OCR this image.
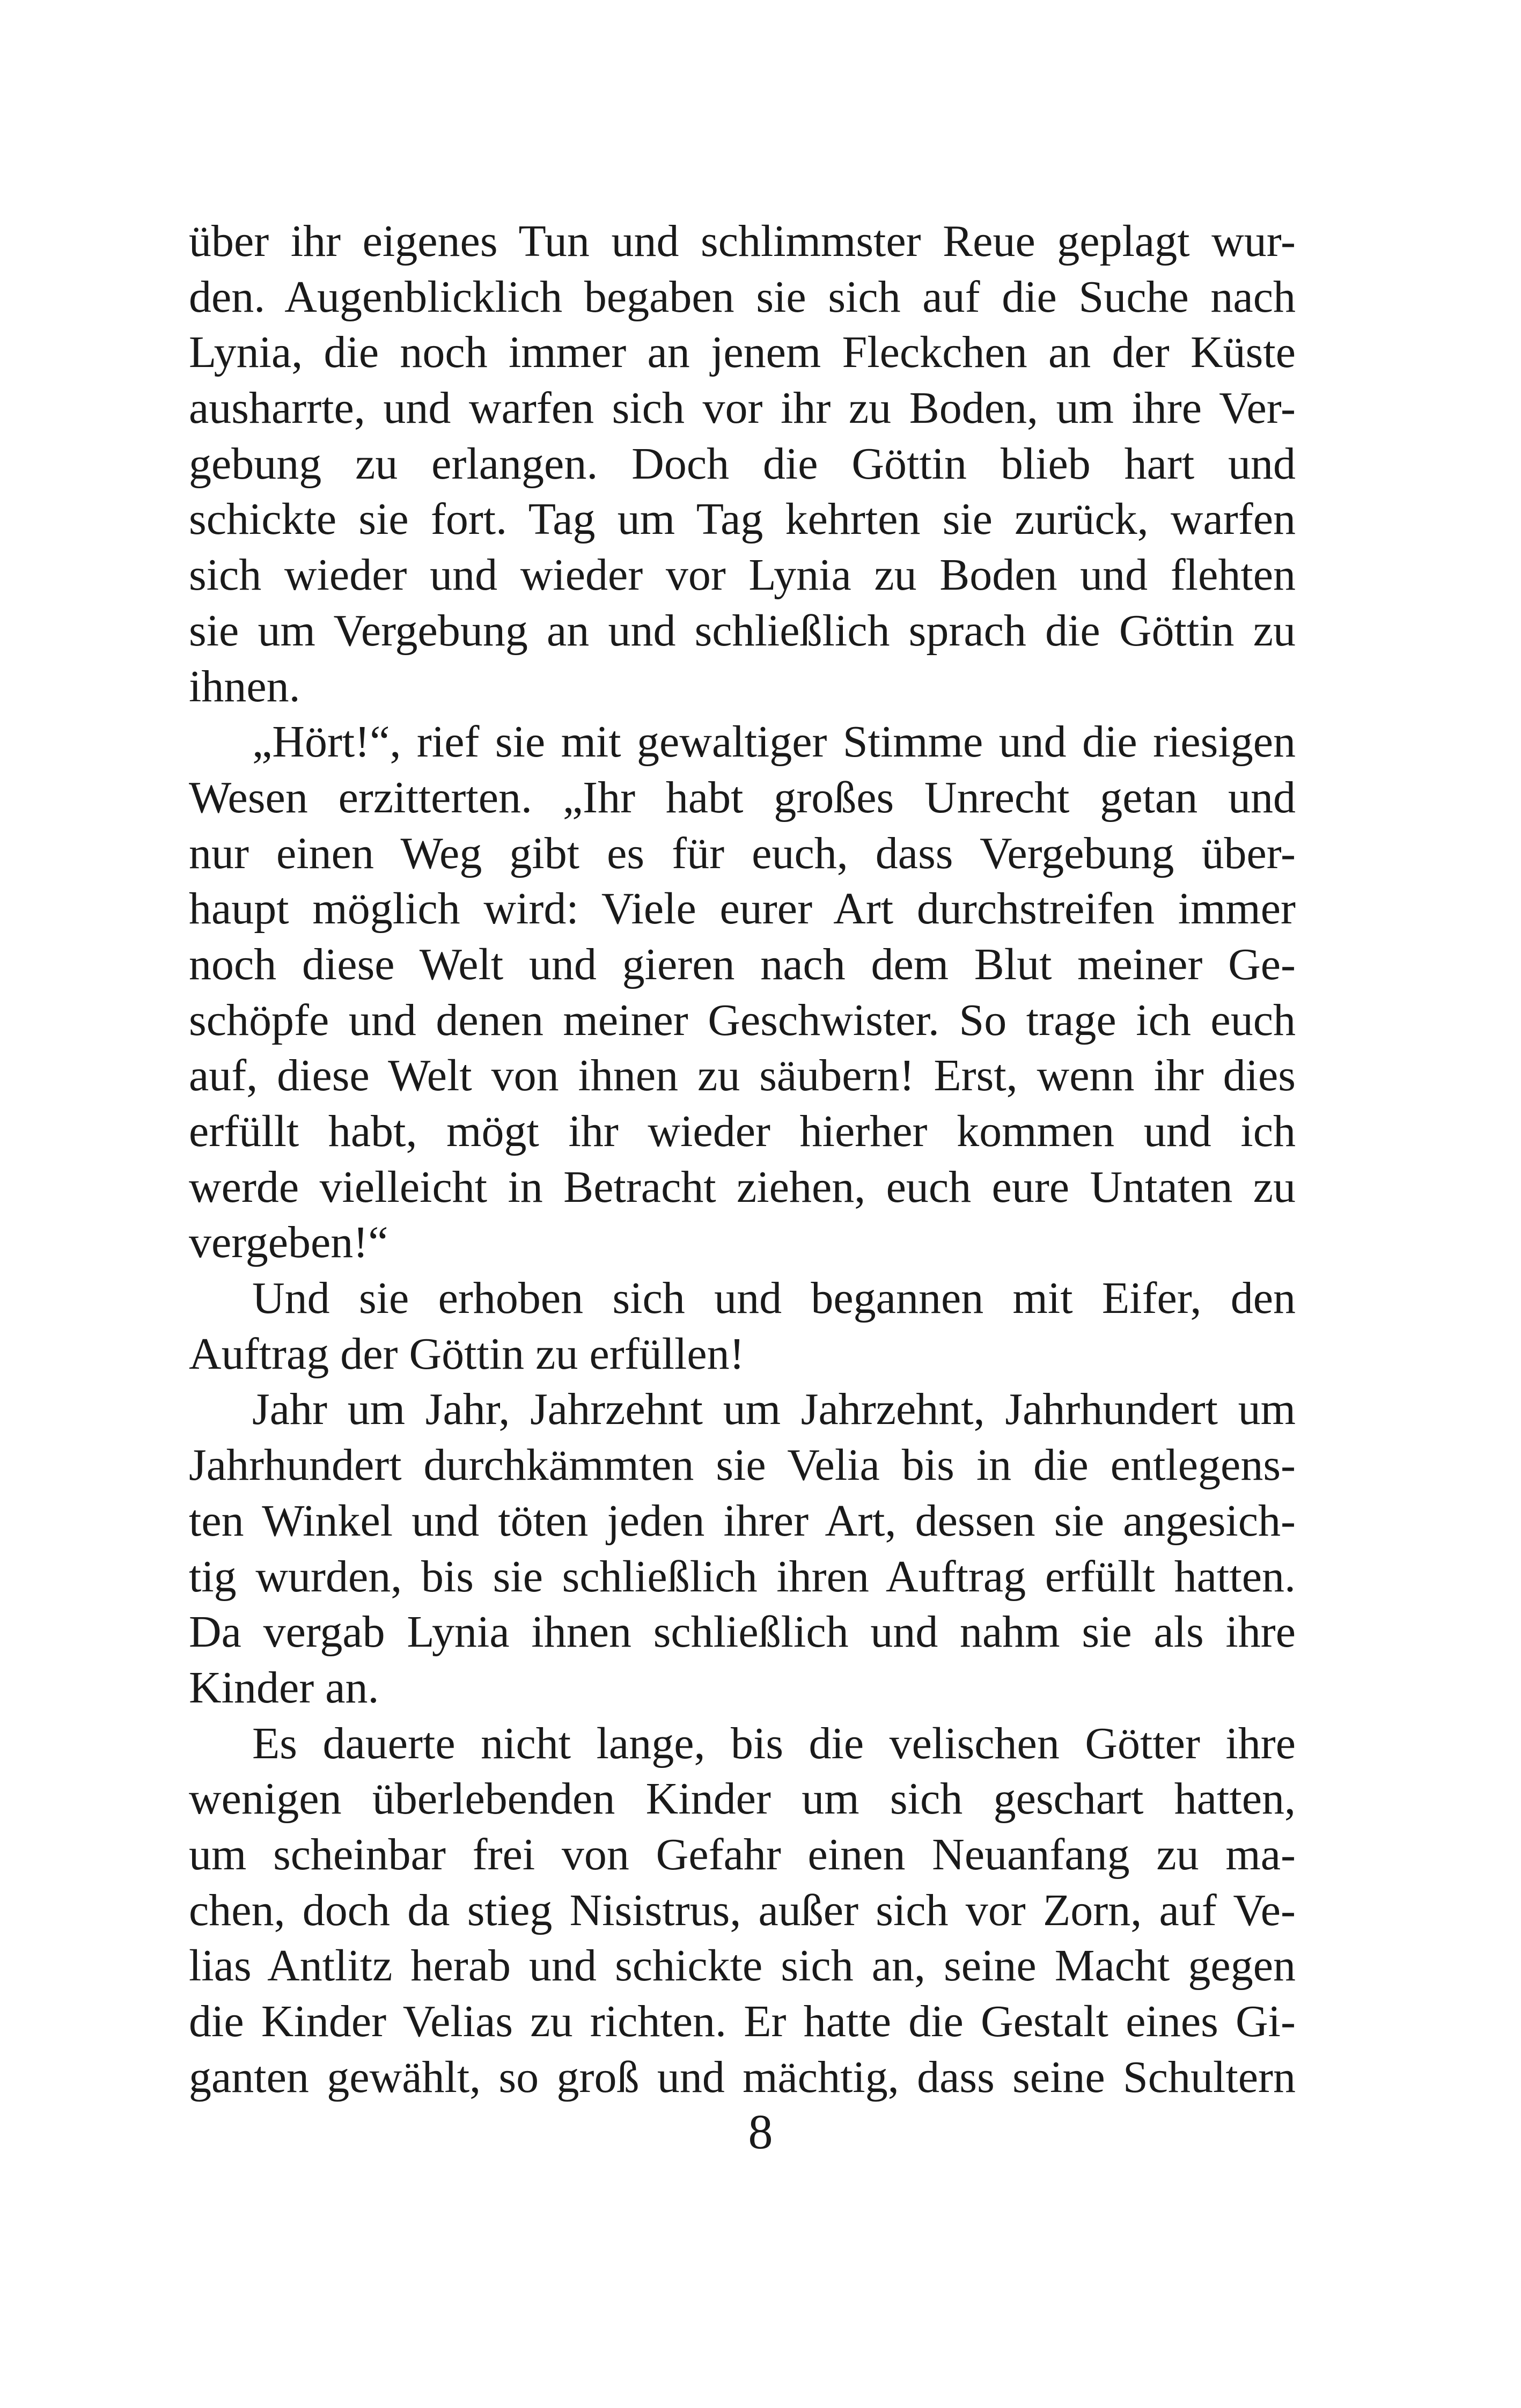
über ihr eigenes Tun und schlimmster Reue geplagt wur-
den. Augenblicklich begaben sie sich auf die Suche nach
Lynia, die noch immer an jenem Fleckchen an der Küste
ausharrte, und warfen sich vor ihr zu Boden, um ihre Ver-
gebung zu erlangen. Doch die Göttin blieb hart und
schickte sie fort. Tag um Tag kehrten sie zurück, warfen
sich wieder und wieder vor Lynia zu Boden und flehten
sie um Vergebung an und schließlich sprach die Göttin zu
ihnen.
„Hört!“, rief sie mit gewaltiger Stimme und die riesigen
Wesen erzitterten. „Ihr habt großes Unrecht getan und
nur einen Weg gibt es für euch, dass Vergebung über-
haupt möglich wird: Viele eurer Art durchstreifen immer
noch diese Welt und gieren nach dem Blut meiner Ge-
schöpfe und denen meiner Geschwister. So trage ich euch
auf, diese Welt von ihnen zu säubern! Erst, wenn ihr dies
erfüllt habt, mögt ihr wieder hierher kommen und ich
werde vielleicht in Betracht ziehen, euch eure Untaten zu
vergeben!“
Und sie erhoben sich und begannen mit Eifer, den
Auftrag der Göttin zu erfüllen!
Jahr um Jahr, Jahrzehnt um Jahrzehnt, Jahrhundert um
Jahrhundert durchkämmten sie Velia bis in die entlegens-
ten Winkel und töten jeden ihrer Art, dessen sie angesich-
tig wurden, bis sie schließlich ihren Auftrag erfüllt hatten.
Da vergab Lynia ihnen schließlich und nahm sie als ihre
Kinder an.
Es dauerte nicht lange, bis die velischen Götter ihre
wenigen überlebenden Kinder um sich geschart hatten,
um scheinbar frei von Gefahr einen Neuanfang zu ma-
chen, doch da stieg Nisistrus, außer sich vor Zorn, auf Ve-
lias Antlitz herab und schickte sich an, seine Macht gegen
die Kinder Velias zu richten. Er hatte die Gestalt eines Gi-
ganten gewählt, so groß und mächtig, dass seine Schultern
8
